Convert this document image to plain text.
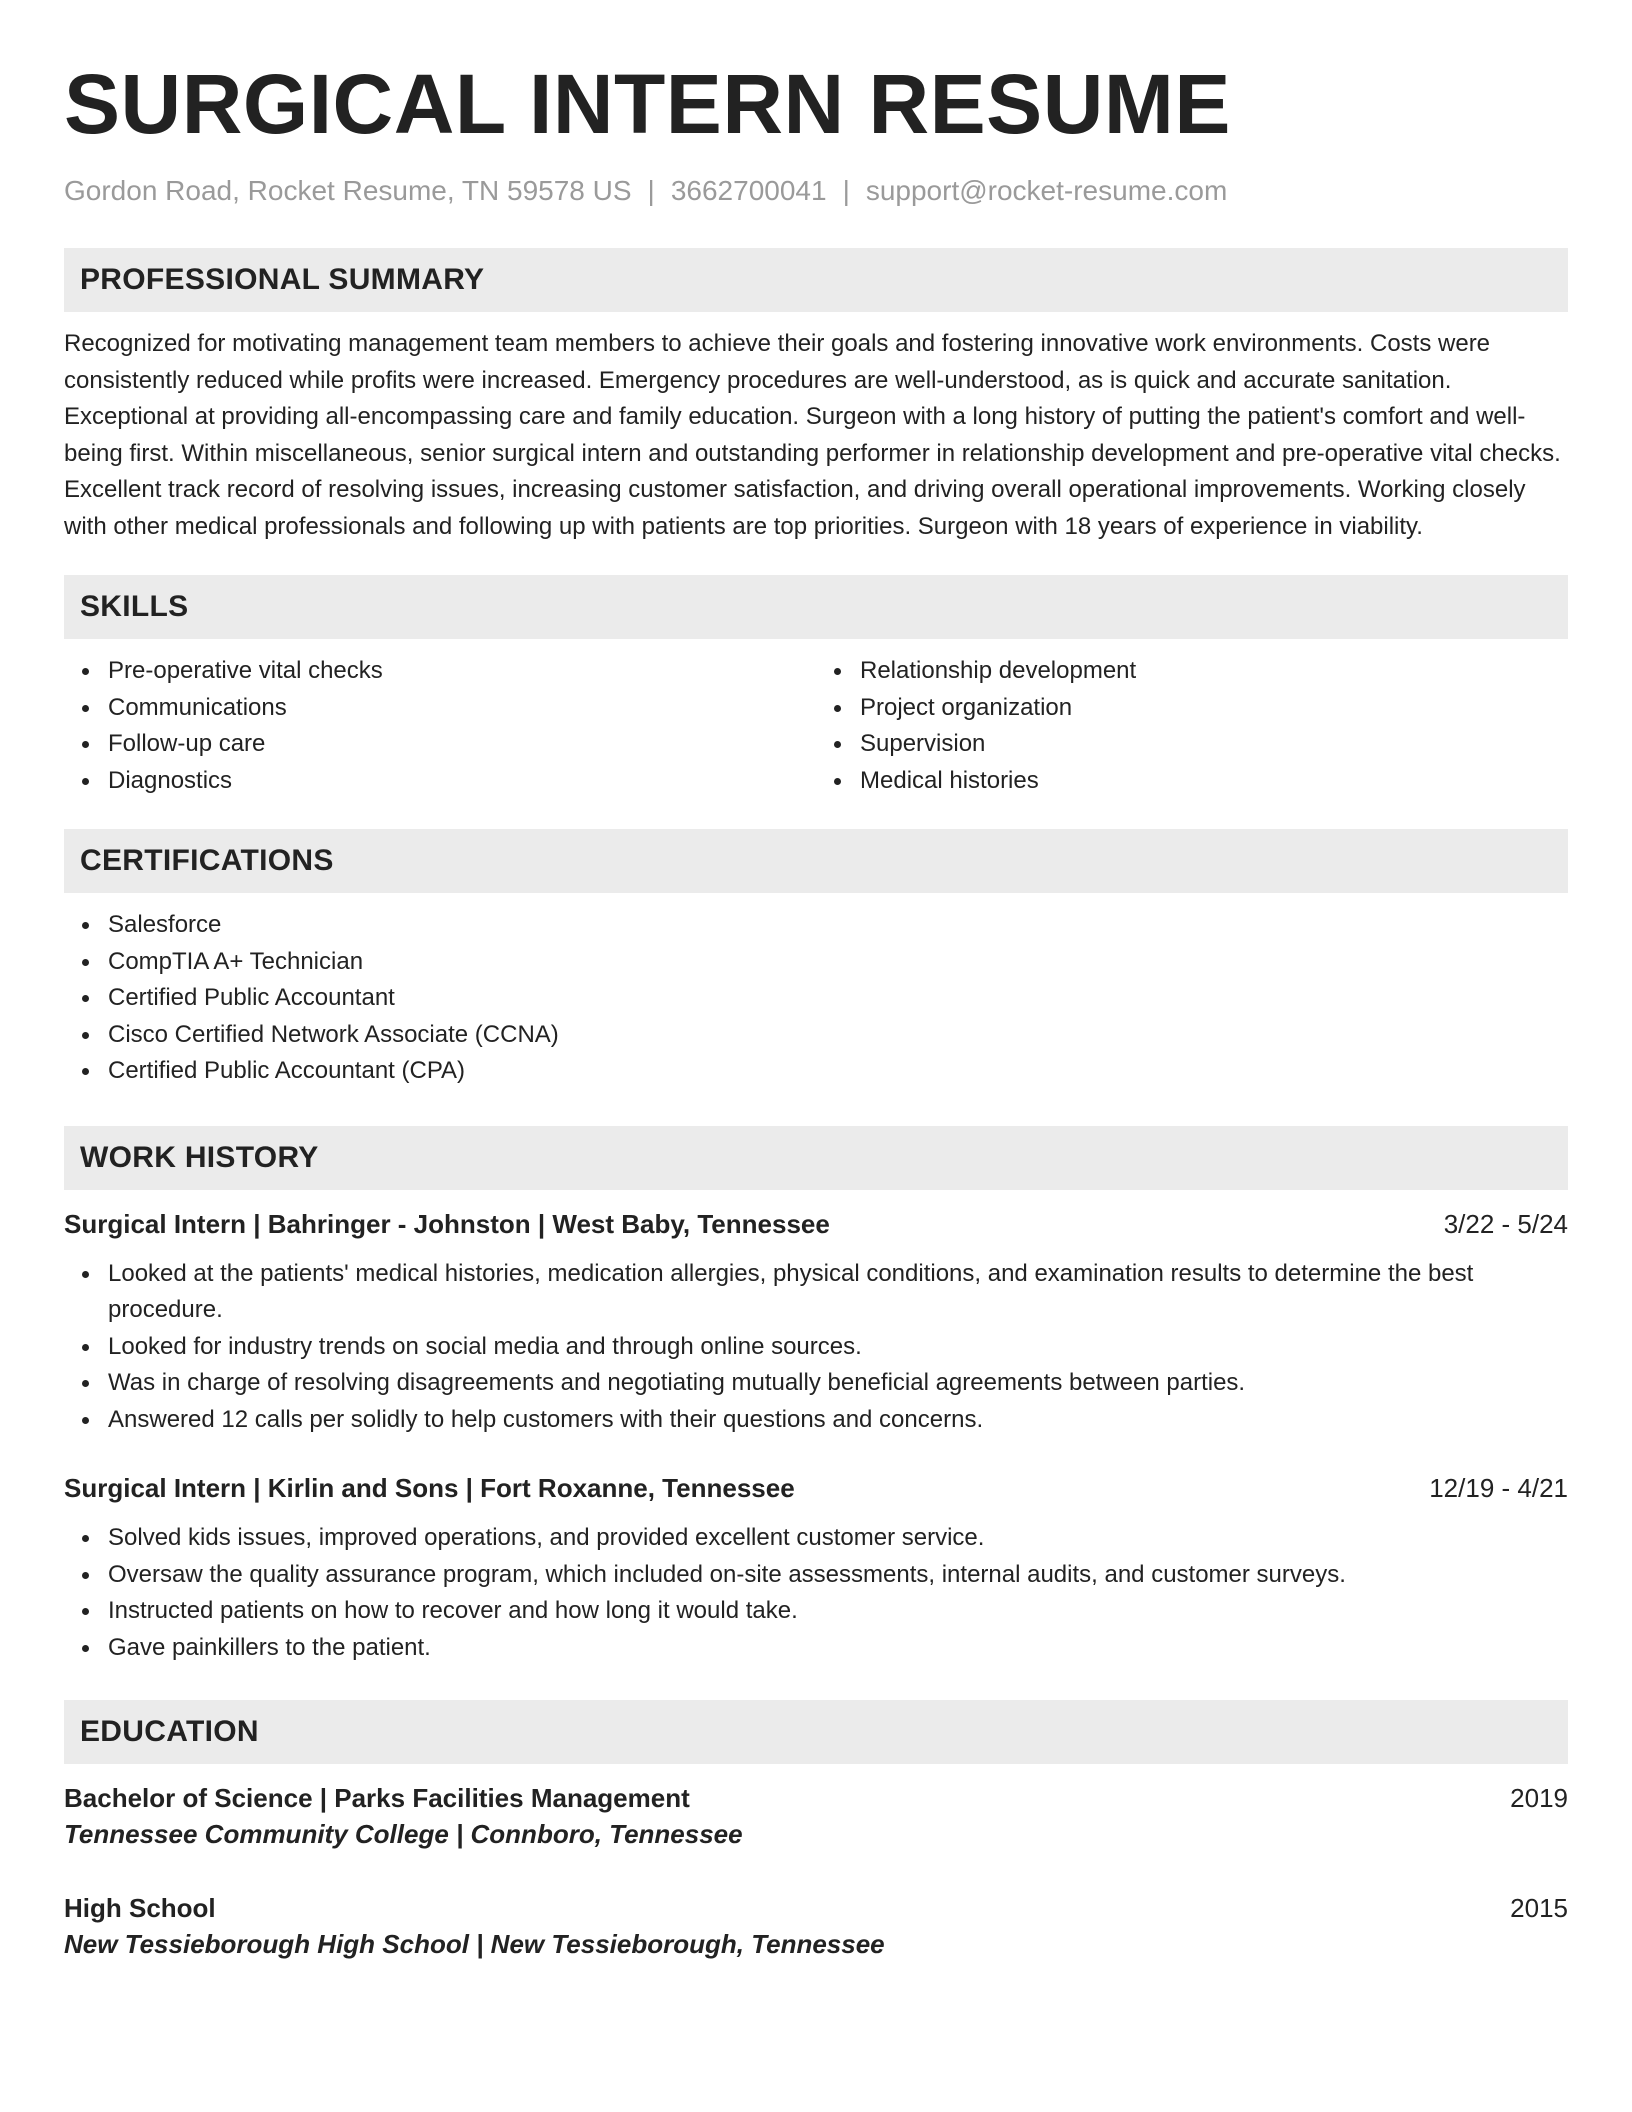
SURGICAL INTERN RESUME
Gordon Road, Rocket Resume, TN 59578 US | 3662700041 | support@rocket-resume.com
PROFESSIONAL SUMMARY
Recognized for motivating management team members to achieve their goals and fostering innovative work environments. Costs were consistently reduced while profits were increased. Emergency procedures are well-understood, as is quick and accurate sanitation. Exceptional at providing all-encompassing care and family education. Surgeon with a long history of putting the patient's comfort and well-being first. Within miscellaneous, senior surgical intern and outstanding performer in relationship development and pre-operative vital checks. Excellent track record of resolving issues, increasing customer satisfaction, and driving overall operational improvements. Working closely with other medical professionals and following up with patients are top priorities. Surgeon with 18 years of experience in viability.
SKILLS
Pre-operative vital checks
Communications
Follow-up care
Diagnostics
Relationship development
Project organization
Supervision
Medical histories
CERTIFICATIONS
Salesforce
CompTIA A+ Technician
Certified Public Accountant
Cisco Certified Network Associate (CCNA)
Certified Public Accountant (CPA)
WORK HISTORY
Surgical Intern | Bahringer - Johnston | West Baby, Tennessee	3/22 - 5/24
Looked at the patients' medical histories, medication allergies, physical conditions, and examination results to determine the best procedure.
Looked for industry trends on social media and through online sources.
Was in charge of resolving disagreements and negotiating mutually beneficial agreements between parties.
Answered 12 calls per solidly to help customers with their questions and concerns.
Surgical Intern | Kirlin and Sons | Fort Roxanne, Tennessee	12/19 - 4/21
Solved kids issues, improved operations, and provided excellent customer service.
Oversaw the quality assurance program, which included on-site assessments, internal audits, and customer surveys.
Instructed patients on how to recover and how long it would take.
Gave painkillers to the patient.
EDUCATION
Bachelor of Science | Parks Facilities Management	2019
Tennessee Community College | Connboro, Tennessee
High School	2015
New Tessieborough High School | New Tessieborough, Tennessee
